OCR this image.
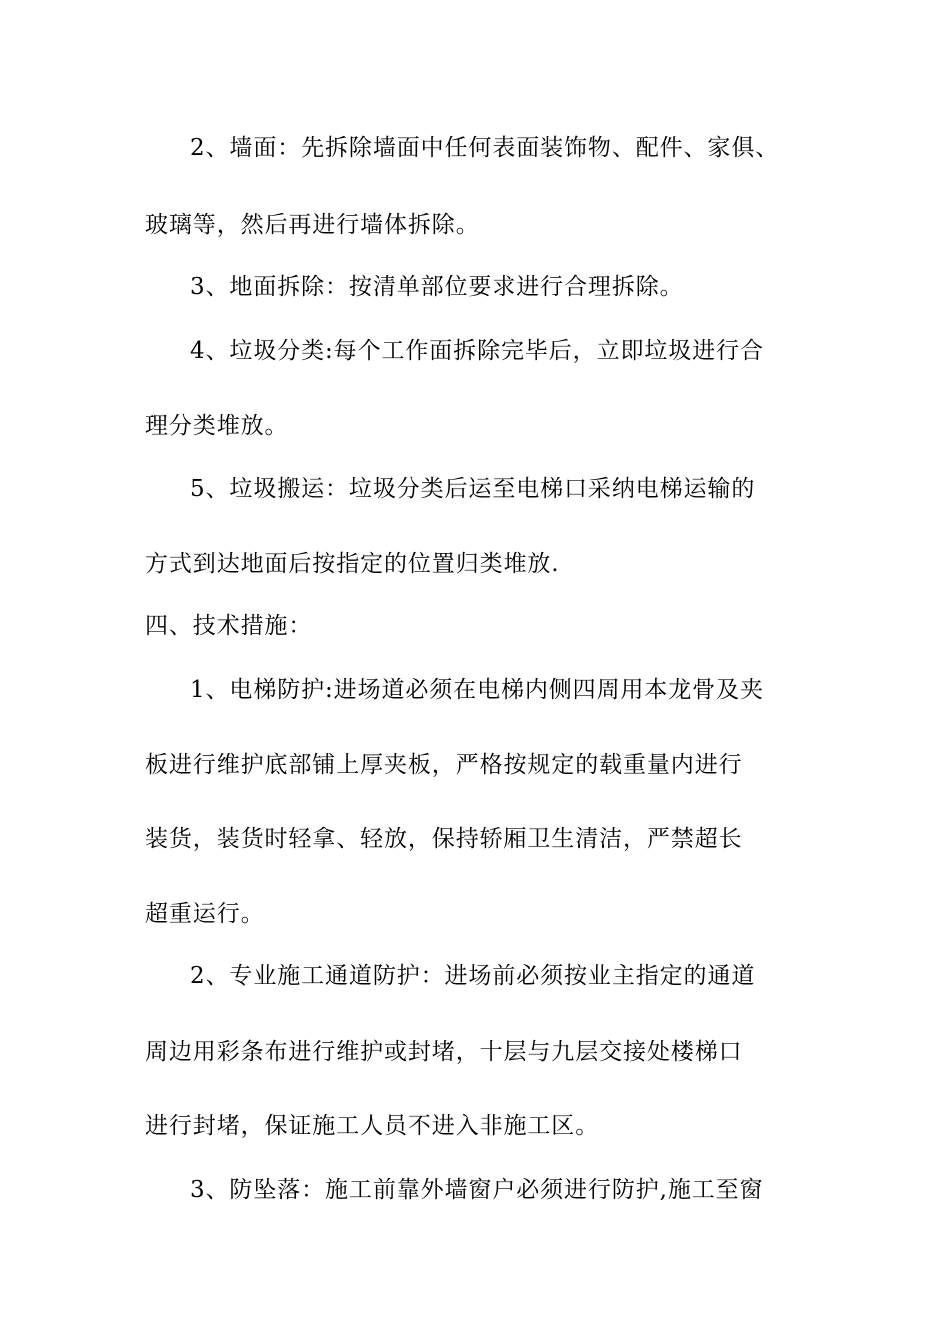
2、墙面：先拆除墙面中任何表面装饰物、配件、家俱、
玻璃等，然后再进行墙体拆除。
3、地面拆除：按清单部位要求进行合理拆除。
4、垃圾分类:每个工作面拆除完毕后，立即垃圾进行合
理分类堆放。
5、垃圾搬运：垃圾分类后运至电梯口采纳电梯运输的
方式到达地面后按指定的位置归类堆放.
四、技术措施：
1、电梯防护:进场道必须在电梯内侧四周用本龙骨及夹
板进行维护底部铺上厚夹板，严格按规定的载重量内进行
装货，装货时轻拿、轻放，保持轿厢卫生清洁，严禁超长
超重运行。
2、专业施工通道防护：进场前必须按业主指定的通道
周边用彩条布进行维护或封堵，十层与九层交接处楼梯口
进行封堵，保证施工人员不进入非施工区。
3、防坠落：施工前靠外墙窗户必须进行防护,施工至窗
